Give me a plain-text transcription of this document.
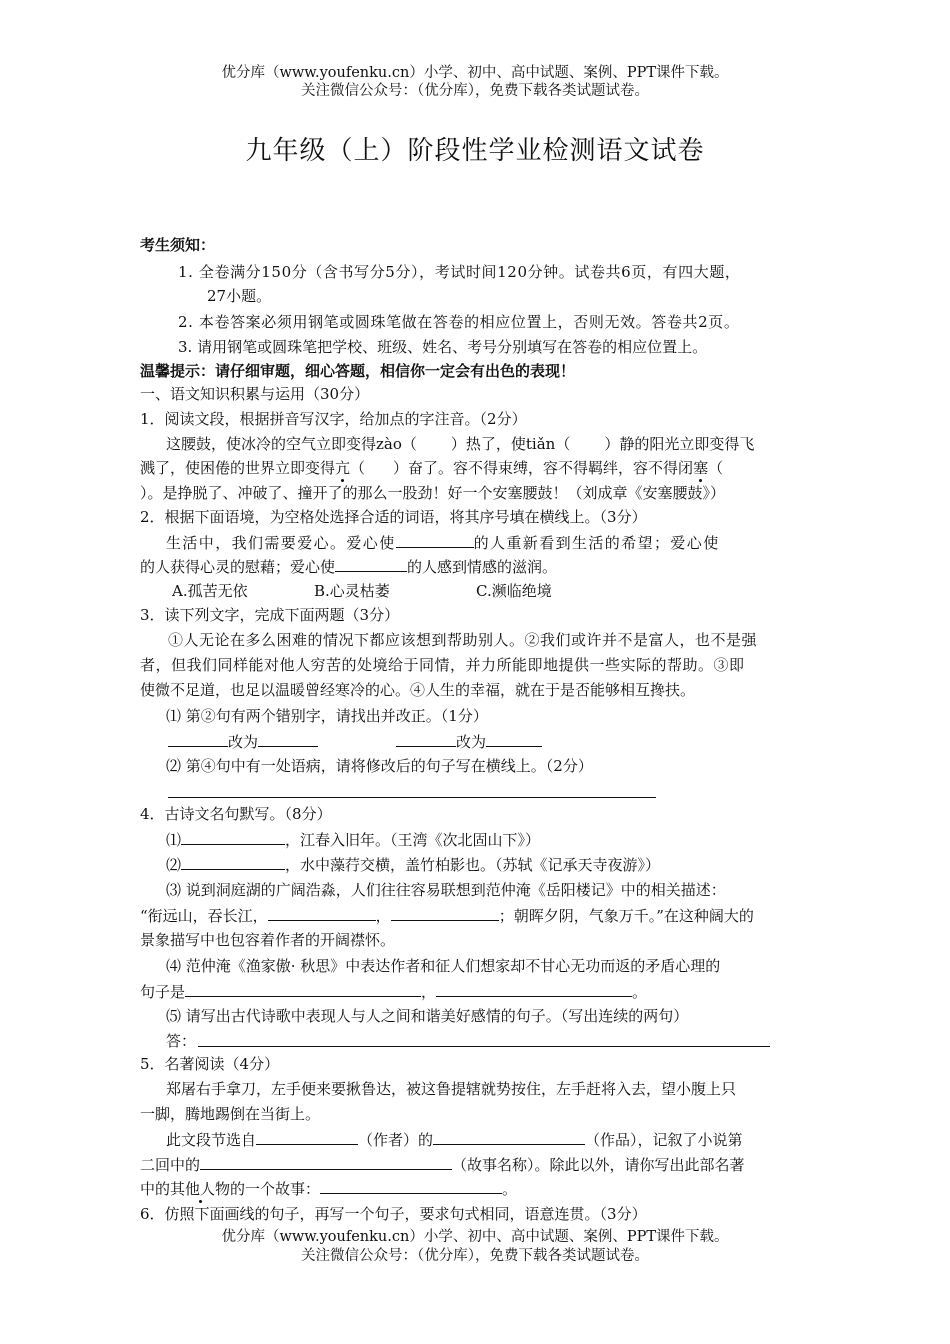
优分库（www.youfenku.cn）小学、初中、高中试题、案例、PPT课件下载。
关注微信公众号：（优分库），免费下载各类试题试卷。
九年级（上）阶段性学业检测语文试卷
考生须知：
1. 全卷满分150分（含书写分5分），考试时间120分钟。试卷共6页，有四大题，
27小题。
2. 本卷答案必须用钢笔或圆珠笔做在答卷的相应位置上，否则无效。答卷共2页。
3. 请用钢笔或圆珠笔把学校、班级、姓名、考号分别填写在答卷的相应位置上。
温馨提示：请仔细审题，细心答题，相信你一定会有出色的表现！
一、语文知识积累与运用（30分）
1．阅读文段，根据拼音写汉字，给加点的字注音。（2分）
这腰鼓，使冰冷的空气立即变得zào（ ）热了，使tiǎn（ ）静的阳光立即变得飞
溅了，使困倦的世界立即变得亢（ ）奋了。容不得束缚，容不得羁绊，容不得闭塞（
）。是挣脱了、冲破了、撞开了的那么一股劲！好一个安塞腰鼓！（刘成章《安塞腰鼓》）
2．根据下面语境，为空格处选择合适的词语，将其序号填在横线上。（3分）
生活中，我们需要爱心。爱心使	的人重新看到生活的希望；爱心使
的人获得心灵的慰藉；爱心使	的人感到情感的滋润。
A.孤苦无依	B.心灵枯萎	C.濒临绝境
3．读下列文字，完成下面两题（3分）
①人无论在多么困难的情况下都应该想到帮助别人。②我们或许并不是富人，也不是强
者，但我们同样能对他人穷苦的处境给于同情，并力所能即地提供一些实际的帮助。③即
使微不足道，也足以温暖曾经寒冷的心。④人生的幸福，就在于是否能够相互搀扶。
⑴ 第②句有两个错别字，请找出并改正。（1分）
改为	改为
⑵ 第④句中有一处语病，请将修改后的句子写在横线上。（2分）
4．古诗文名句默写。（8分）
⑴	，江春入旧年。（王湾《次北固山下》）
⑵	，水中藻荇交横，盖竹柏影也。（苏轼《记承天寺夜游》）
⑶ 说到洞庭湖的广阔浩淼，人们往往容易联想到范仲淹《岳阳楼记》中的相关描述：
“衔远山，吞长江，	，	；朝晖夕阴，气象万千。”在这种阔大的
景象描写中也包容着作者的开阔襟怀。
⑷ 范仲淹《渔家傲· 秋思》中表达作者和征人们想家却不甘心无功而返的矛盾心理的
句子是	，	。
⑸ 请写出古代诗歌中表现人与人之间和谐美好感情的句子。（写出连续的两句）
答：
5．名著阅读（4分）
郑屠右手拿刀，左手便来要揪鲁达，被这鲁提辖就势按住，左手赶将入去，望小腹上只
一脚，腾地踢倒在当街上。
此文段节选自	（作者）的	（作品），记叙了小说第
二回中的	（故事名称）。除此以外，请你写出此部名著
中的其他人物的一个故事：	。
6．仿照下面画线的句子，再写一个句子，要求句式相同，语意连贯。（3分）
优分库（www.youfenku.cn）小学、初中、高中试题、案例、PPT课件下载。
关注微信公众号：（优分库），免费下载各类试题试卷。
